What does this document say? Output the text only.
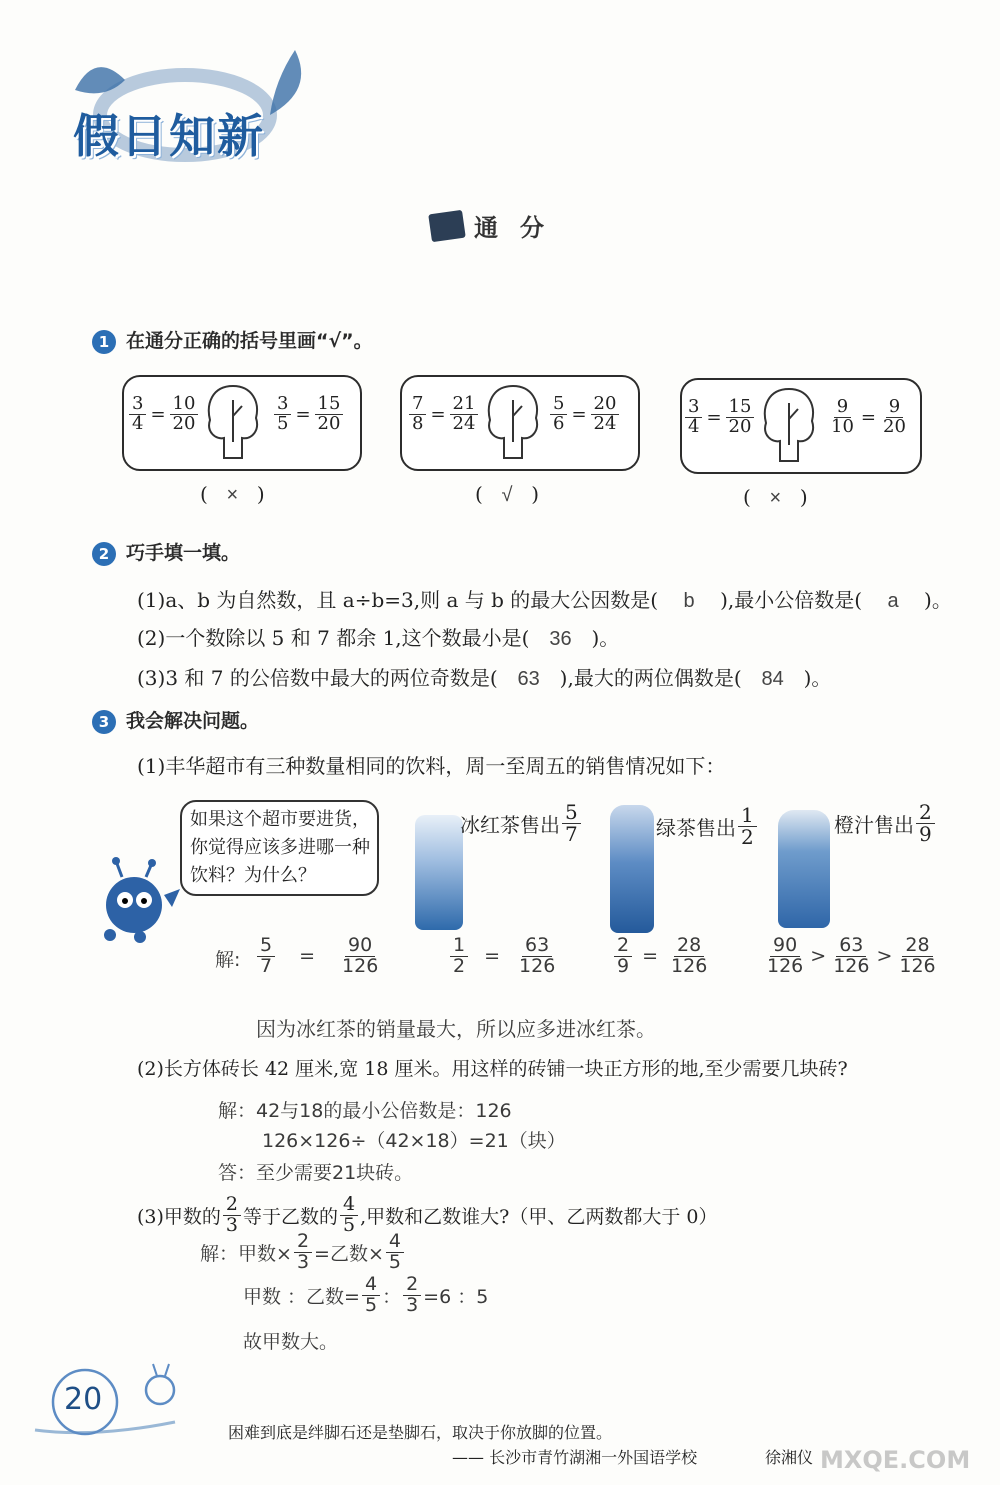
假日知新
通分
1 在通分正确的括号里画“√”。
$\frac{3}{4} = \frac{10}{20}$	$\frac{3}{5} = \frac{15}{20}$
(  ×  )
$\frac{7}{8} = \frac{21}{24}$	$\frac{5}{6} = \frac{20}{24}$
(  √  )
$\frac{3}{4} = \frac{15}{20}$	$\frac{9}{10} = \frac{9}{20}$
(  ×  )
2 巧手填一填。
(1)a、b 为自然数，且 a÷b=3,则 a 与 b 的最大公因数是( b ),最小公倍数是( a )。
(2)一个数除以 5 和 7 都余 1,这个数最小是( 36 )。
(3)3 和 7 的公倍数中最大的两位奇数是( 63 ),最大的两位偶数是( 84 )。
3 我会解决问题。
(1)丰华超市有三种数量相同的饮料，周一至周五的销售情况如下：
如果这个超市要进货，你觉得应该多进哪一种饮料？为什么？
冰红茶售出 $\frac{5}{7}$	绿茶售出 $\frac{1}{2}$	橙汁售出 $\frac{2}{9}$
解: $\frac{5}{7} = \frac{90}{126}$	$\frac{1}{2} = \frac{63}{126}$	$\frac{2}{9} = \frac{28}{126}$	$\frac{90}{126} > \frac{63}{126} > \frac{28}{126}$
因为冰红茶的销量最大，所以应多进冰红茶。
(2)长方体砖长 42 厘米,宽 18 厘米。用这样的砖铺一块正方形的地,至少需要几块砖?
解：42与18的最小公倍数是：126
126×126÷（42×18）=21（块）
答：至少需要21块砖。
(3)甲数的 $\frac{2}{3}$ 等于乙数的 $\frac{4}{5}$ ,甲数和乙数谁大?（甲、乙两数都大于 0）
解： 甲数× $\frac{2}{3}$ =乙数× $\frac{4}{5}$
甲数 ：乙数= $\frac{4}{5}$ ： $\frac{2}{3} =6$ ：5
故甲数大。
20
困难到底是绊脚石还是垫脚石，取决于你放脚的位置。
—— 长沙市青竹湖湘一外国语学校	徐湘仪 MXQE.COM
